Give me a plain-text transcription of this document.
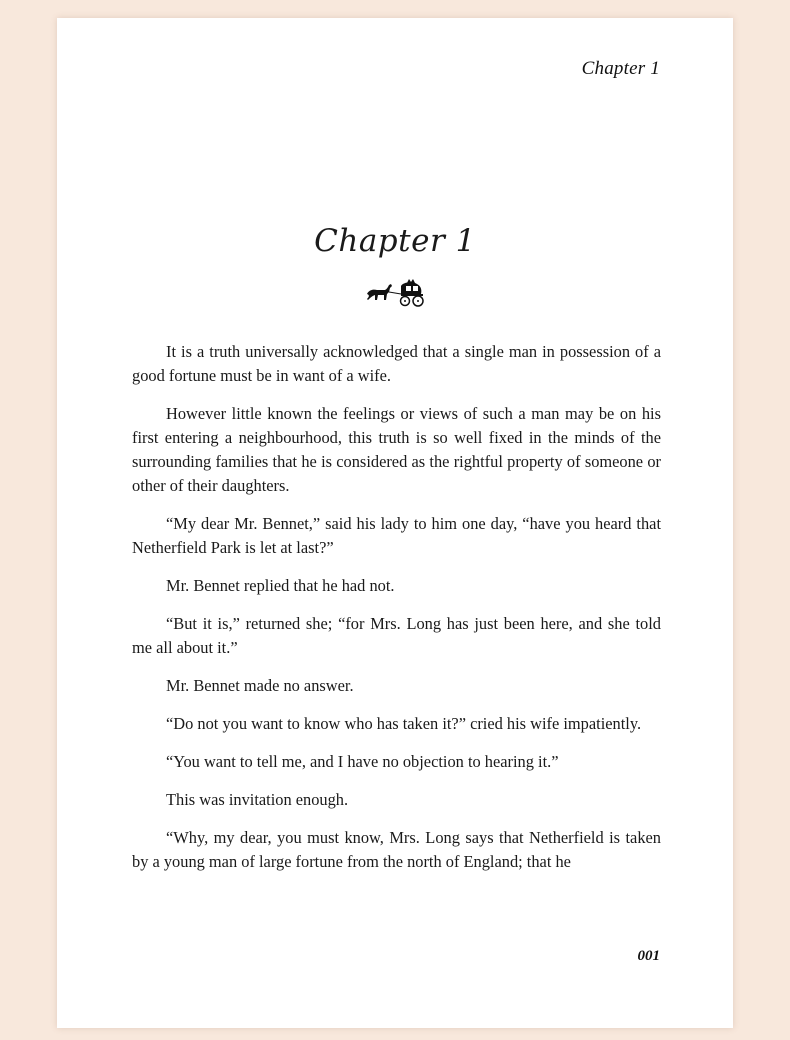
Chapter 1
Chapter 1

It is a truth universally acknowledged that a single man in possession of a good fortune must be in want of a wife.

However little known the feelings or views of such a man may be on his first entering a neighbourhood, this truth is so well fixed in the minds of the surrounding families that he is considered as the rightful property of someone or other of their daughters.

“My dear Mr. Bennet,” said his lady to him one day, “have you heard that Netherfield Park is let at last?”

Mr. Bennet replied that he had not.

“But it is,” returned she; “for Mrs. Long has just been here, and she told me all about it.”

Mr. Bennet made no answer.

“Do not you want to know who has taken it?” cried his wife impatiently.

“You want to tell me, and I have no objection to hearing it.”

This was invitation enough.

“Why, my dear, you must know, Mrs. Long says that Netherfield is taken by a young man of large fortune from the north of England; that he

001
